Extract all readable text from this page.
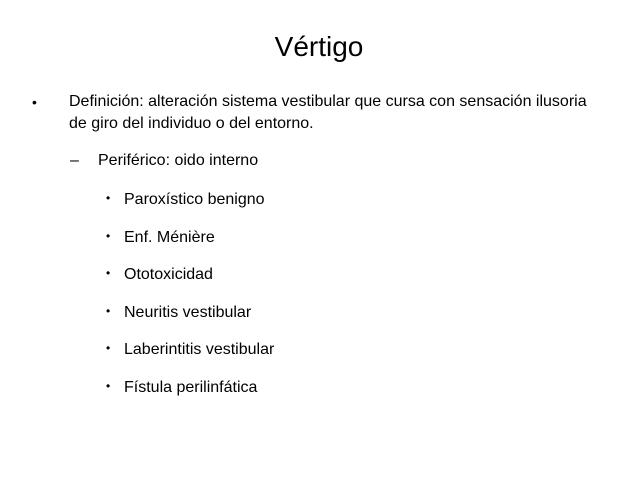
Vértigo
• Definición: alteración sistema vestibular que cursa con sensación ilusoria de giro del individuo o del entorno.
– Periférico: oido interno
• Paroxístico benigno
• Enf. Ménière
• Ototoxicidad
• Neuritis vestibular
• Laberintitis vestibular
• Fístula perilinfática
